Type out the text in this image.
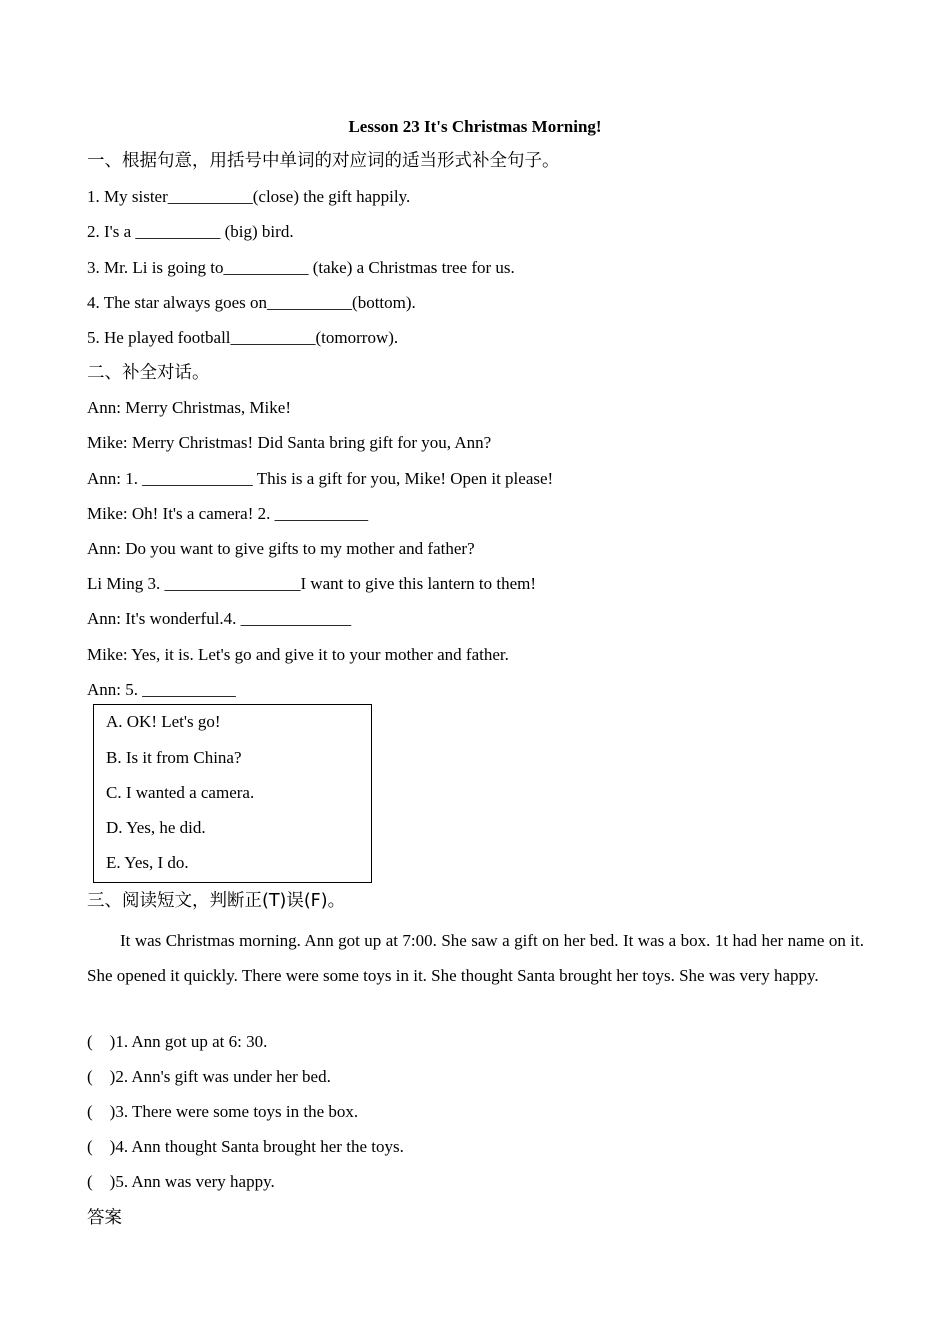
Lesson 23 It's Christmas Morning!
一、根据句意，用括号中单词的对应词的适当形式补全句子。
1. My sister__________(close) the gift happily.
2. I's a __________ (big) bird.
3. Mr. Li is going to__________ (take) a Christmas tree for us.
4. The star always goes on__________(bottom).
5. He played football__________(tomorrow).
二、补全对话。
Ann: Merry Christmas, Mike!
Mike: Merry Christmas! Did Santa bring gift for you, Ann?
Ann: 1. _____________ This is a gift for you, Mike! Open it please!
Mike: Oh! It's a camera! 2. ___________
Ann: Do you want to give gifts to my mother and father?
Li Ming 3. ________________I want to give this lantern to them!
Ann: It's wonderful.4. _____________
Mike: Yes, it is. Let's go and give it to your mother and father.
Ann: 5. ___________
A. OK! Let's go!
B. Is it from China?
C. I wanted a camera.
D. Yes, he did.
E. Yes, I do.
三、阅读短文，判断正(T)误(F)。
It was Christmas morning. Ann got up at 7:00. She saw a gift on her bed. It was a box. 1t had her name on it. She opened it quickly. There were some toys in it. She thought Santa brought her toys. She was very happy.
(    )1. Ann got up at 6: 30.
(    )2. Ann's gift was under her bed.
(    )3. There were some toys in the box.
(    )4. Ann thought Santa brought her the toys.
(    )5. Ann was very happy.
答案
